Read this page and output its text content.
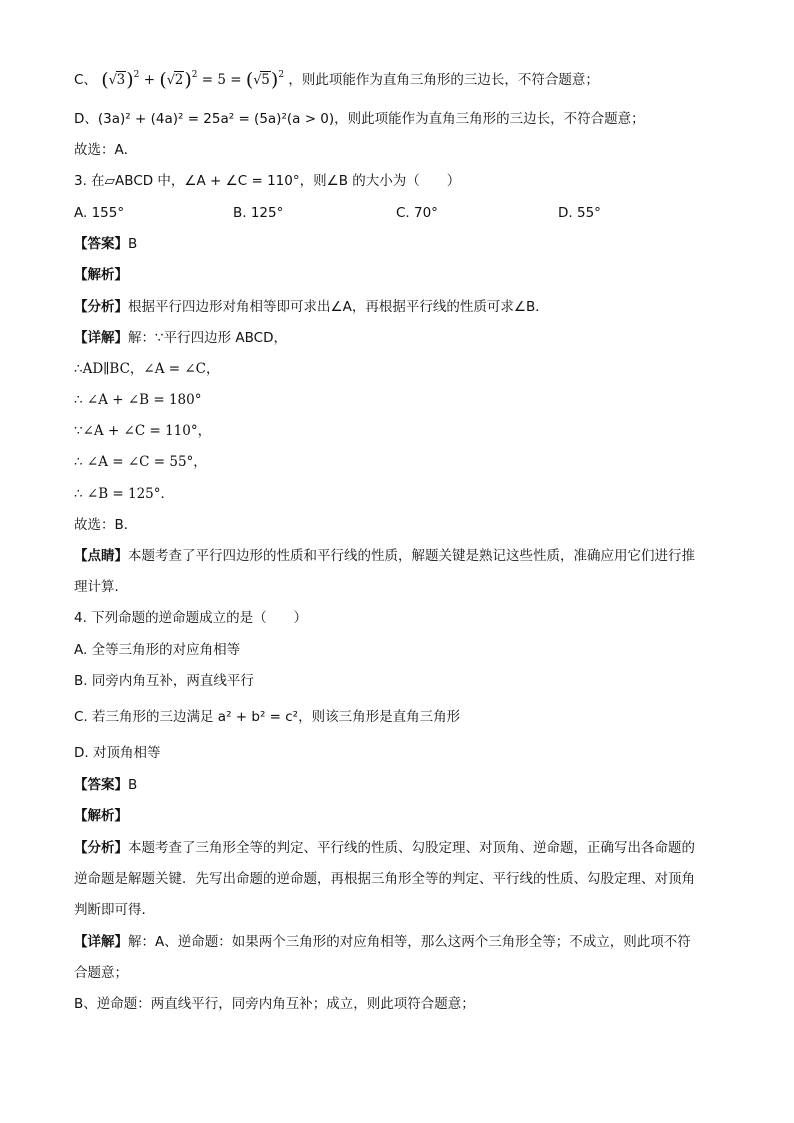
C、 ( √ 3)$^2$ + ( √ 2)$^2$ = 5 = ( √ 5)$^2$ ，则此项能作为直角三角形的三边长，不符合题意；
D、(3a)² + (4a)² = 25a² = (5a)²(a > 0)，则此项能作为直角三角形的三边长，不符合题意；
故选：A．
3. 在▱ABCD 中，∠A + ∠C = 110°，则∠B 的大小为（　　）
A. 155°	B. 125°	C. 70°	D. 55°
【答案】B
【解析】
【分析】根据平行四边形对角相等即可求出∠A，再根据平行线的性质可求∠B．
【详解】解：∵平行四边形 ABCD，
∴AD∥BC，∠A = ∠C，
∴ ∠A + ∠B = 180°
∵∠A + ∠C = 110°，
∴ ∠A = ∠C = 55°，
∴ ∠B = 125°．
故选：B．
【点睛】本题考查了平行四边形的性质和平行线的性质，解题关键是熟记这些性质，准确应用它们进行推
理计算．
4. 下列命题的逆命题成立的是（　　）
A. 全等三角形的对应角相等
B. 同旁内角互补，两直线平行
C. 若三角形的三边满足 a² + b² = c²，则该三角形是直角三角形
D. 对顶角相等
【答案】B
【解析】
【分析】本题考查了三角形全等的判定、平行线的性质、勾股定理、对顶角、逆命题，正确写出各命题的
逆命题是解题关键．先写出命题的逆命题，再根据三角形全等的判定、平行线的性质、勾股定理、对顶角
判断即可得．
【详解】解：A、逆命题：如果两个三角形的对应角相等，那么这两个三角形全等；不成立，则此项不符
合题意；
B、逆命题：两直线平行，同旁内角互补；成立，则此项符合题意；
